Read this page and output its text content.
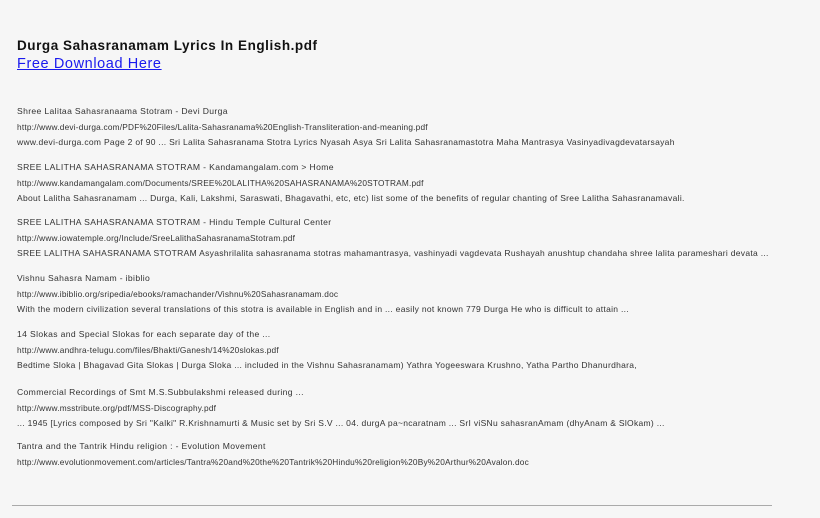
Durga Sahasranamam Lyrics In English.pdf
Free Download Here
Shree Lalitaa Sahasranaama Stotram - Devi Durga
http://www.devi-durga.com/PDF%20Files/Lalita-Sahasranama%20English-Transliteration-and-meaning.pdf
www.devi-durga.com Page 2 of 90 ... Sri Lalita Sahasranama Stotra Lyrics Nyasah Asya Sri Lalita Sahasranamastotra Maha Mantrasya Vasinyadivagdevatarsayah
SREE LALITHA SAHASRANAMA STOTRAM - Kandamangalam.com > Home
http://www.kandamangalam.com/Documents/SREE%20LALITHA%20SAHASRANAMA%20STOTRAM.pdf
About Lalitha Sahasranamam ... Durga, Kali, Lakshmi, Saraswati, Bhagavathi, etc, etc) list some of the benefits of regular chanting of Sree Lalitha Sahasranamavali.
SREE LALITHA SAHASRANAMA STOTRAM - Hindu Temple Cultural Center
http://www.iowatemple.org/Include/SreeLalithaSahasranamaStotram.pdf
SREE LALITHA SAHASRANAMA STOTRAM Asyashrilalita sahasranama stotras mahamantrasya, vashinyadi vagdevata Rushayah anushtup chandaha shree lalita parameshari devata ...
Vishnu Sahasra Namam - ibiblio
http://www.ibiblio.org/sripedia/ebooks/ramachander/Vishnu%20Sahasranamam.doc
With the modern civilization several translations of this stotra is available in English and in ... easily not known 779 Durga He who is difficult to attain ...
14 Slokas and Special Slokas for each separate day of the ...
http://www.andhra-telugu.com/files/Bhakti/Ganesh/14%20slokas.pdf
Bedtime Sloka | Bhagavad Gita Slokas | Durga Sloka ... included in the Vishnu Sahasranamam) Yathra Yogeeswara Krushno, Yatha Partho Dhanurdhara,
Commercial Recordings of Smt M.S.Subbulakshmi released during ...
http://www.msstribute.org/pdf/MSS-Discography.pdf
... 1945 [Lyrics composed by Sri "Kalki" R.Krishnamurti & Music set by Sri S.V ... 04. durgA pa~ncaratnam ... SrI viSNu sahasranAmam (dhyAnam & SlOkam) ...
Tantra and the Tantrik Hindu religion : - Evolution Movement
http://www.evolutionmovement.com/articles/Tantra%20and%20the%20Tantrik%20Hindu%20religion%20By%20Arthur%20Avalon.doc
